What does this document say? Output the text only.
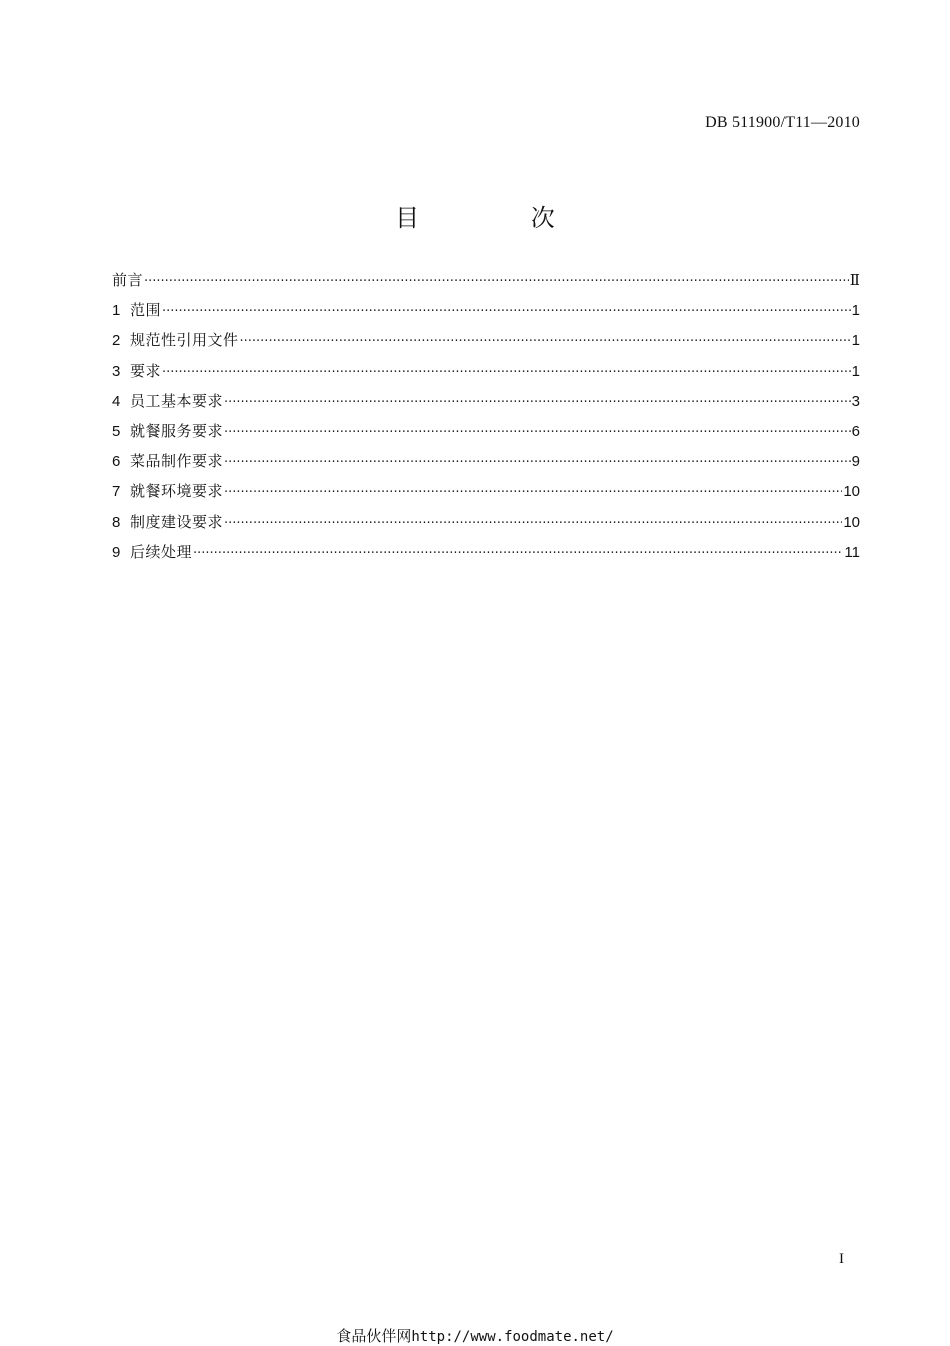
DB 511900/T11—2010
目 次
前言 ·····	Ⅱ
1 范围 ·····	1
2 规范性引用文件 ·····	1
3 要求 ·····	1
4 员工基本要求 ·····	3
5 就餐服务要求 ·····	6
6 菜品制作要求 ·····	9
7 就餐环境要求 ·····	10
8 制度建设要求 ·····	10
9 后续处理 ·····	11
I
食品伙伴网http://www.foodmate.net/
